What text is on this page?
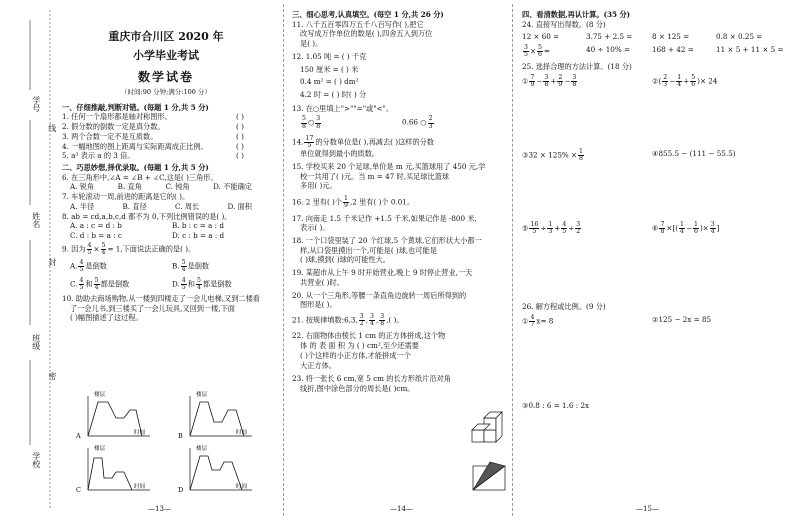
学号
线
姓名
封
班级
密
学校

重庆市合川区 2020 年

小学毕业考试

数学试卷

（时间:90 分钟;满分:100 分）

一、仔细推敲,判断对错。(每题 1 分,共 5 分)

1. 任何一个扇形都是轴对称图形。	( )

2. 假分数的倒数一定是真分数。	( )

3. 两个合数一定不是互质数。	( )

4. 一幅地图的图上距离与实际距离成正比例。	( )

5. a³ 表示 a 的 3 倍。	( )

二、巧思妙想,择优录取。(每题 1 分,共 5 分)

6. 在三角形中,∠A = ∠B + ∠C,这是( )三角形。

A. 锐角	B. 直角	C. 钝角	D. 不能确定

7. 车轮滚动一周,前进的距离是它的( )。

A. 半径	B. 直径	C. 周长	D. 面积

8. ab = cd,a,b,c,d 都不为 0,下列比例错误的是( )。

A. a : c = d : b	B. b : c = a : d

C. d : b = a : c	D. c : b = a : d

9. 因为 $\frac{4}{5} \times \frac{5}{4} = 1$,下面说法正确的是( )。

A. $\frac{4}{5}$ 是倒数	B. $\frac{5}{4}$ 是倒数

C. $\frac{4}{5}$ 和 $\frac{5}{4}$ 都是倒数	D. $\frac{4}{5}$ 和 $\frac{5}{4}$ 都是倒数

10. 助助去商场购物,从一楼到四楼走了一会儿电梯,又到二楼看

了一会儿书,到三楼买了一会儿玩具,又回到一楼,下面

( )幅图描述了这过程。

楼层	楼层
楼层	楼层
时间	时间
时间	时间
A	B
C	D
—13—

三、细心思考,认真填空。(每空 1 分,共 26 分)

11. 八千五百零四万五千八百写作( ),把它

改写成万作单位的数是( ),四舍五入到万位

是( )。

12. 1.05 吨 = ( ) 千克

150 厘米 = ( ) 米

0.4 m² = ( ) dm²

4.2 时 = ( ) 时( ) 分

13. 在○里填上">""="或"<"。

$\frac{5}{8}$ ○ $\frac{3}{8}$	0.66 ○ $\frac{2}{3}$

14. $\frac{17}{5}$ 的分数单位是( ),再减去( )这样的分数

单位就得到最小的质数。

15. 学校买来 20 个足球,单价是 m 元,买篮球用了 450 元,学

校一共用了( )元。当 m = 47 时,买足球比篮球

多用( )元。

16. 2 里有( )个 $\frac{1}{9} ,2$ 里有( )个 0.01。

17. 向南走 1.5 千米记作 +1.5 千米,如果记作是 -800 米,

表示( )。

18. 一个口袋里装了 20 个红球,5 个黄球,它们形状大小都一

样,从口袋里摸出一个,可能是( )球,也可能是

( )球,摸到( )球的可能性大。

19. 某超市从上午 9 时开始营业,晚上 9 时停止营业,一天

共营业( )时。

20. 从一个三角形,等腰一条直角边旋转一周后所得到的

图形是( )。

21. 按规律填数:6,3, $\frac{3}{2}$ , $\frac{3}{4}$ , $\frac{3}{8}$ ,( )。

22. 右面物体由棱长 1 cm 的正方体拼成,这个物

体 的 表 面 积 为 ( ) cm²,至少还需要

( )个这样的小正方体,才能拼成一个

大正方体。

23. 将一张长 6 cm,宽 5 cm 的长方形纸片沿对角

线折,图中涂色部分的周长是( )cm。

—14—

四、看清数据,再认计算。(35 分)

24. 直接写出得数。(8 分)

12 × 60 =	3.75 + 2.5 =	8 × 125 =	0.8 × 0.25 =

$\frac{3}{5} \times \frac{5}{6}$ =	40 ÷ 10% =	168 + 42 =	11 × 5 + 11 × 5 =

25. 选择合理的方法计算。(18 分)

① $\frac{7}{9} - \frac{3}{8} + \frac{2}{9} - \frac{3}{8}$	②( $\frac{2}{3} - \frac{1}{4} + \frac{5}{6}$ )× 24

③32 × $125\% \times \frac{1}{8}$	④855.5 − (111 − 55.5)

⑤ $\frac{16}{5} \div \frac{1}{3} + \frac{4}{5} \div \frac{3}{2}$	⑥ $\frac{7}{8}$ ×[( $\frac{1}{4} - \frac{1}{6}$ )× $\frac{3}{4}$ ]

26. 解方程或比例。(9 分)

① $\frac{4}{7} x= 8$	②125 − 2x = 85

③0.8 : 6 = 1.6 : 2x

—15—
